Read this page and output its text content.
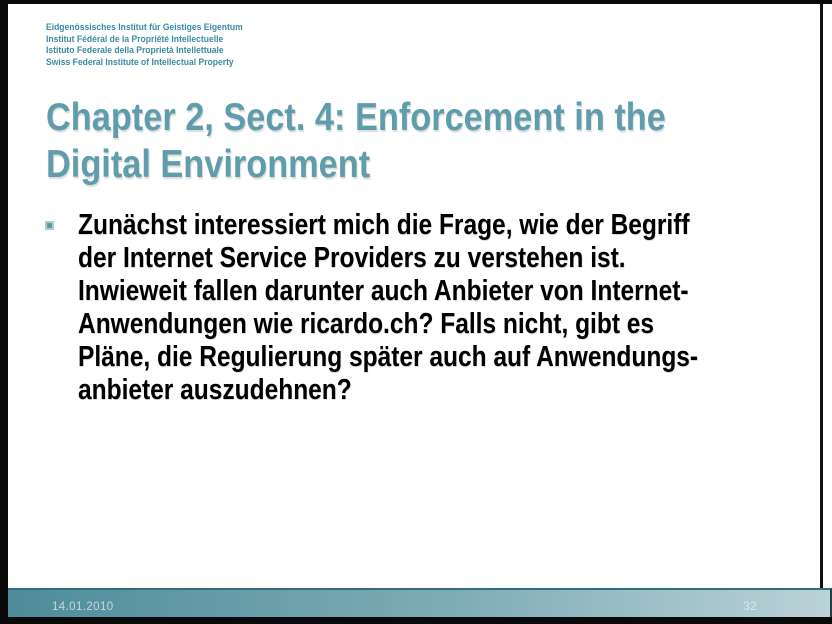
Eidgenössisches Institut für Geistiges Eigentum
Institut Fédéral de la Propriété Intellectuelle
Istituto Federale della Proprietà Intellettuale
Swiss Federal Institute of Intellectual Property
Chapter 2, Sect. 4: Enforcement in the
Digital Environment
Zunächst interessiert mich die Frage, wie der Begriff
der Internet Service Providers zu verstehen ist.
Inwieweit fallen darunter auch Anbieter von Internet-
Anwendungen wie ricardo.ch? Falls nicht, gibt es
Pläne, die Regulierung später auch auf Anwendungs-
anbieter auszudehnen?
14.01.2010	32
